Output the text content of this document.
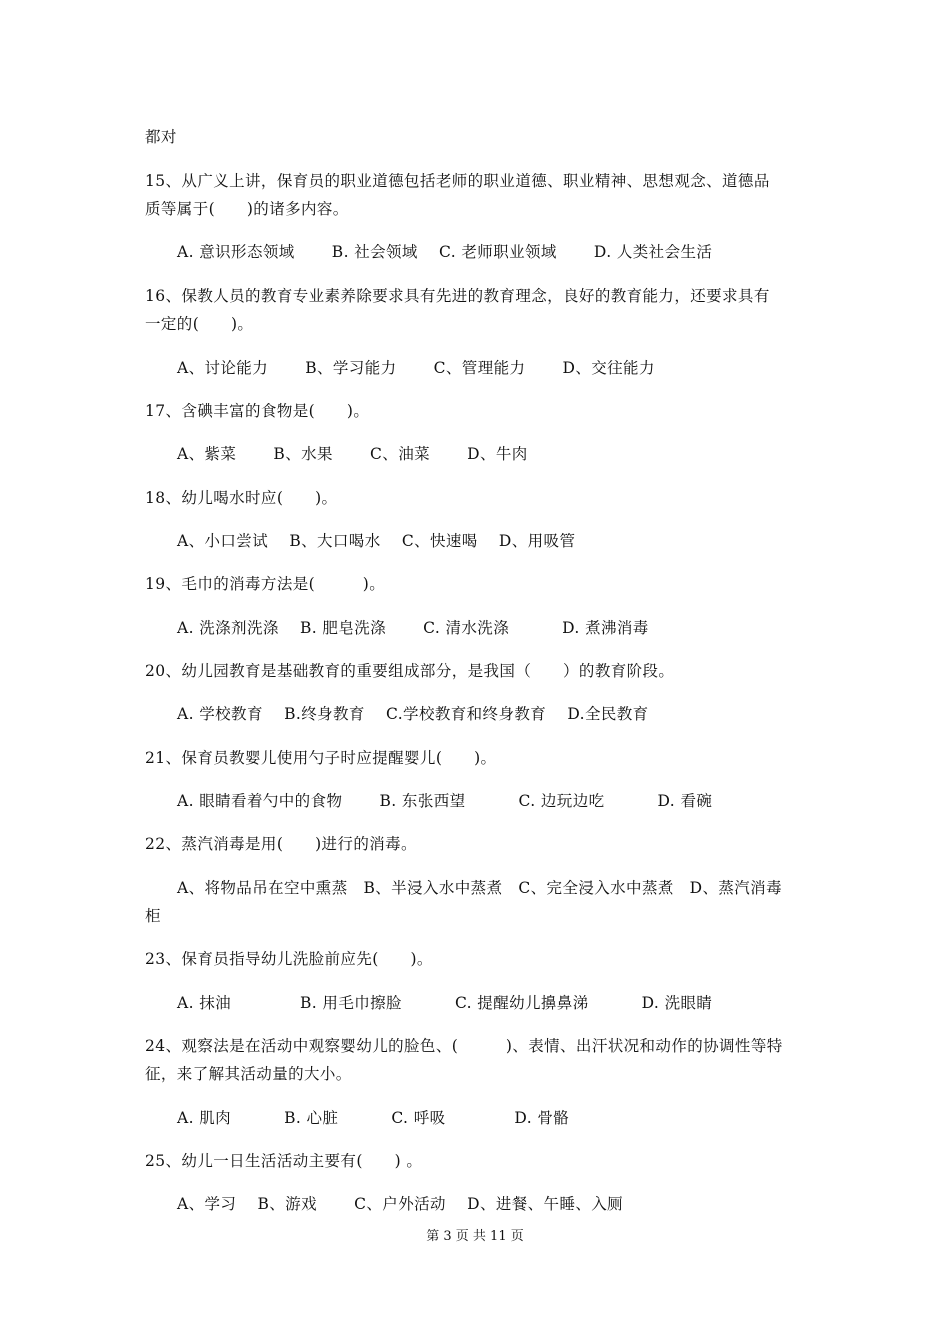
都对
15、从广义上讲，保育员的职业道德包括老师的职业道德、职业精神、思想观念、道德品
质等属于(　　)的诸多内容。
A. 意识形态领域　　 B. 社会领域　 C. 老师职业领域　　 D. 人类社会生活
16、保教人员的教育专业素养除要求具有先进的教育理念，良好的教育能力，还要求具有
一定的(　　)。
A、讨论能力　　 B、学习能力　　 C、管理能力　　 D、交往能力
17、含碘丰富的食物是(　　)。
A、紫菜　　 B、水果　　 C、油菜　　 D、牛肉
18、幼儿喝水时应(　　)。
A、小口尝试　 B、大口喝水　 C、快速喝　 D、用吸管
19、毛巾的消毒方法是(　　　)。
A. 洗涤剂洗涤　 B. 肥皂洗涤　　 C. 清水洗涤　　　 D. 煮沸消毒
20、幼儿园教育是基础教育的重要组成部分，是我国（　　）的教育阶段。
A. 学校教育　 B.终身教育　 C.学校教育和终身教育　 D.全民教育
21、保育员教婴儿使用勺子时应提醒婴儿(　　)。
A. 眼睛看着勺中的食物　　 B. 东张西望　　　 C. 边玩边吃　　　 D. 看碗
22、蒸汽消毒是用(　　)进行的消毒。
A、将物品吊在空中熏蒸　B、半浸入水中蒸煮　C、完全浸入水中蒸煮　D、蒸汽消毒
柜
23、保育员指导幼儿洗脸前应先(　　)。
A. 抹油　　　　 B. 用毛巾擦脸　　　 C. 提醒幼儿擤鼻涕　　　 D. 洗眼睛
24、观察法是在活动中观察婴幼儿的脸色、(　　　)、表情、出汗状况和动作的协调性等特
征，来了解其活动量的大小。
A. 肌肉　　　 B. 心脏　　　 C. 呼吸　　　　 D. 骨骼
25、幼儿一日生活活动主要有(　　) 。
A、学习　 B、游戏　　 C、户外活动　 D、进餐、午睡、入厕
第 3 页 共 11 页
